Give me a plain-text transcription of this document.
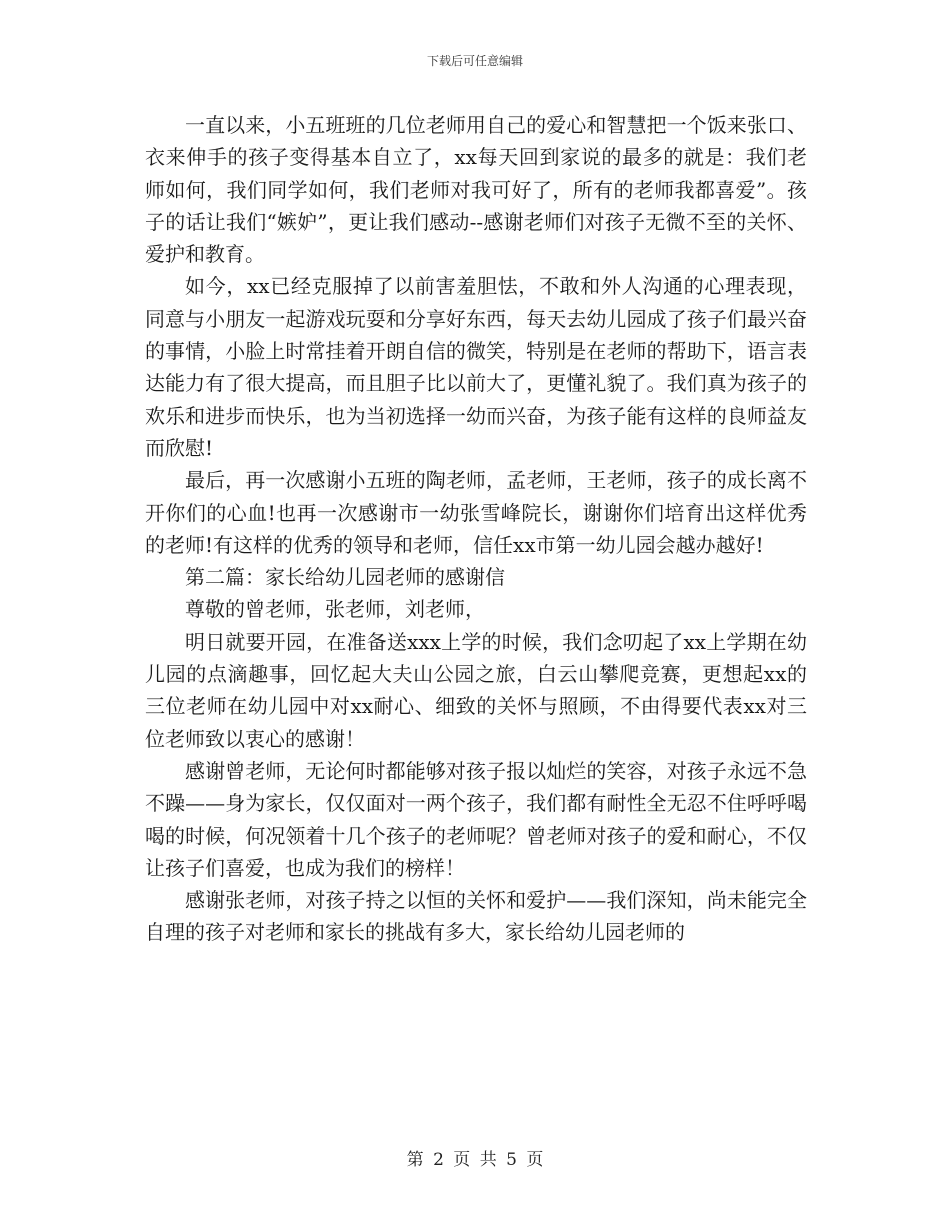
下载后可任意编辑

一直以来，小五班班的几位老师用自己的爱心和智慧把一个饭来张口、衣来伸手的孩子变得基本自立了，xx每天回到家说的最多的就是：我们老师如何，我们同学如何，我们老师对我可好了，所有的老师我都喜爱”。孩子的话让我们“嫉妒”，更让我们感动--感谢老师们对孩子无微不至的关怀、爱护和教育。

如今，xx已经克服掉了以前害羞胆怯，不敢和外人沟通的心理表现，同意与小朋友一起游戏玩耍和分享好东西，每天去幼儿园成了孩子们最兴奋的事情，小脸上时常挂着开朗自信的微笑，特别是在老师的帮助下，语言表达能力有了很大提高，而且胆子比以前大了，更懂礼貌了。我们真为孩子的欢乐和进步而快乐，也为当初选择一幼而兴奋，为孩子能有这样的良师益友而欣慰!

最后，再一次感谢小五班的陶老师，孟老师，王老师，孩子的成长离不开你们的心血!也再一次感谢市一幼张雪峰院长，谢谢你们培育出这样优秀的老师!有这样的优秀的领导和老师，信任xx市第一幼儿园会越办越好!

第二篇：家长给幼儿园老师的感谢信

尊敬的曾老师，张老师，刘老师，

明日就要开园，在准备送xxx上学的时候，我们念叨起了xx上学期在幼儿园的点滴趣事，回忆起大夫山公园之旅，白云山攀爬竞赛，更想起xx的三位老师在幼儿园中对xx耐心、细致的关怀与照顾，不由得要代表xx对三位老师致以衷心的感谢！

感谢曾老师，无论何时都能够对孩子报以灿烂的笑容，对孩子永远不急不躁——身为家长，仅仅面对一两个孩子，我们都有耐性全无忍不住呼呼喝喝的时候，何况领着十几个孩子的老师呢？曾老师对孩子的爱和耐心，不仅让孩子们喜爱，也成为我们的榜样！

感谢张老师，对孩子持之以恒的关怀和爱护——我们深知，尚未能完全自理的孩子对老师和家长的挑战有多大，家长给幼儿园老师的

第 2 页 共 5 页
